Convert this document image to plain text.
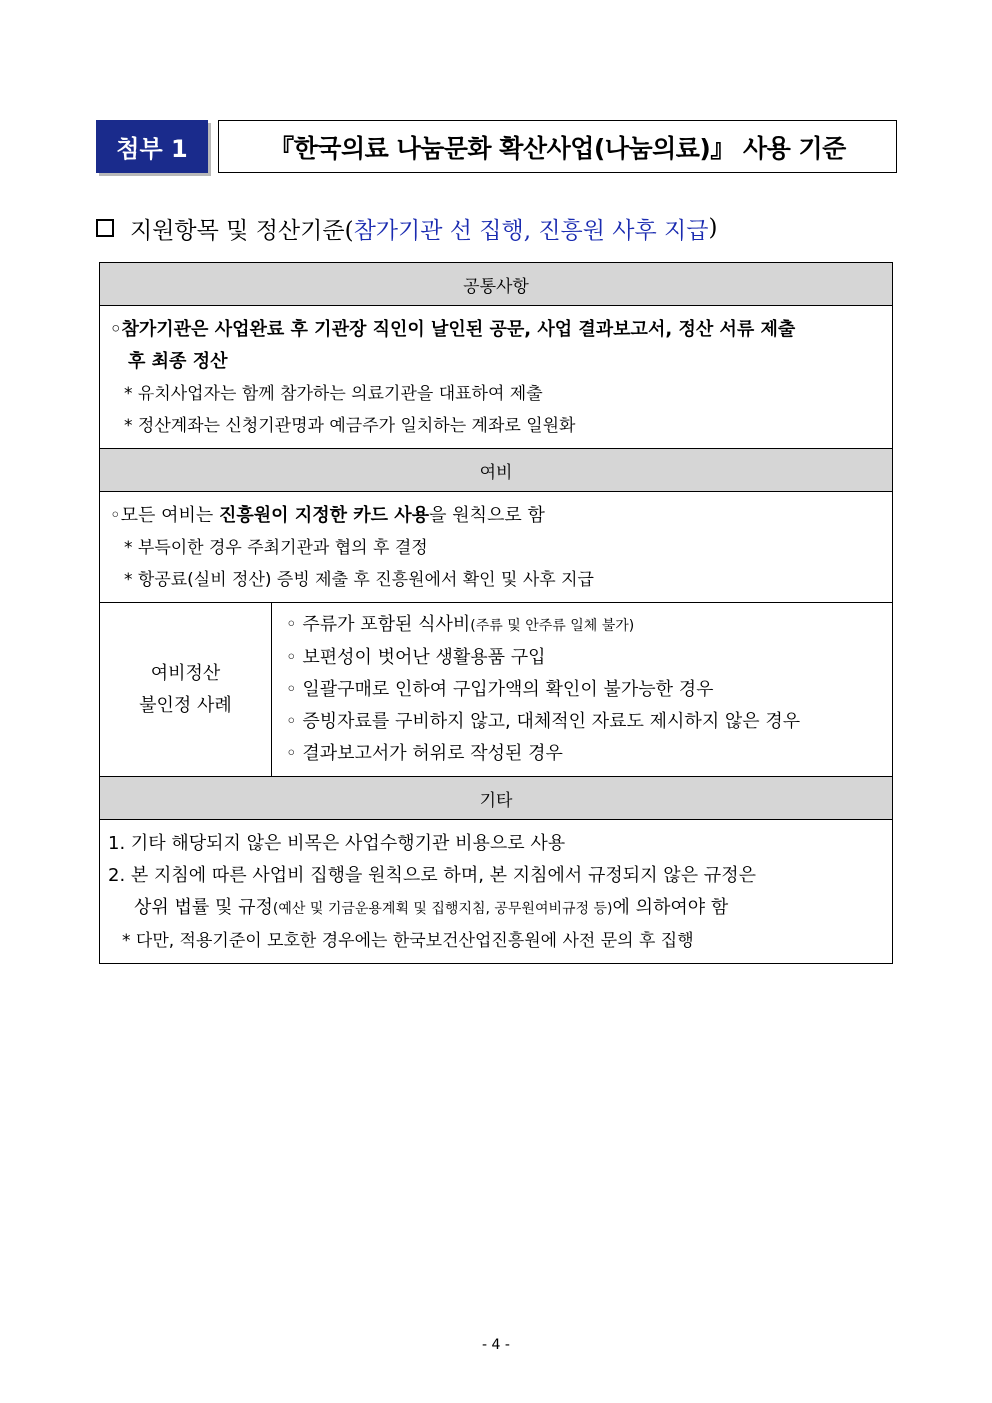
첨부 1	『한국의료 나눔문화 확산사업(나눔의료)』 사용 기준
지원항목 및 정산기준( 참가기관 선 집행, 진흥원 사후 지급 )
공통사항

◦참가기관은 사업완료 후 기관장 직인이 날인된 공문, 사업 결과보고서, 정산 서류 제출
후 최종 정산
* 유치사업자는 함께 참가하는 의료기관을 대표하여 제출
* 정산계좌는 신청기관명과 예금주가 일치하는 계좌로 일원화

여비

◦모든 여비는 진흥원이 지정한 카드 사용을 원칙으로 함
* 부득이한 경우 주최기관과 협의 후 결정
* 항공료(실비 정산) 증빙 제출 후 진흥원에서 확인 및 사후 지급

여비정산
불인정 사례

◦ 주류가 포함된 식사비(주류 및 안주류 일체 불가)
◦ 보편성이 벗어난 생활용품 구입
◦ 일괄구매로 인하여 구입가액의 확인이 불가능한 경우
◦ 증빙자료를 구비하지 않고, 대체적인 자료도 제시하지 않은 경우
◦ 결과보고서가 허위로 작성된 경우

기타

1. 기타 해당되지 않은 비목은 사업수행기관 비용으로 사용
2. 본 지침에 따른 사업비 집행을 원칙으로 하며, 본 지침에서 규정되지 않은 규정은
상위 법률 및 규정(예산 및 기금운용계획 및 집행지침, 공무원여비규정 등)에 의하여야 함
* 다만, 적용기준이 모호한 경우에는 한국보건산업진흥원에 사전 문의 후 집행
- 4 -
